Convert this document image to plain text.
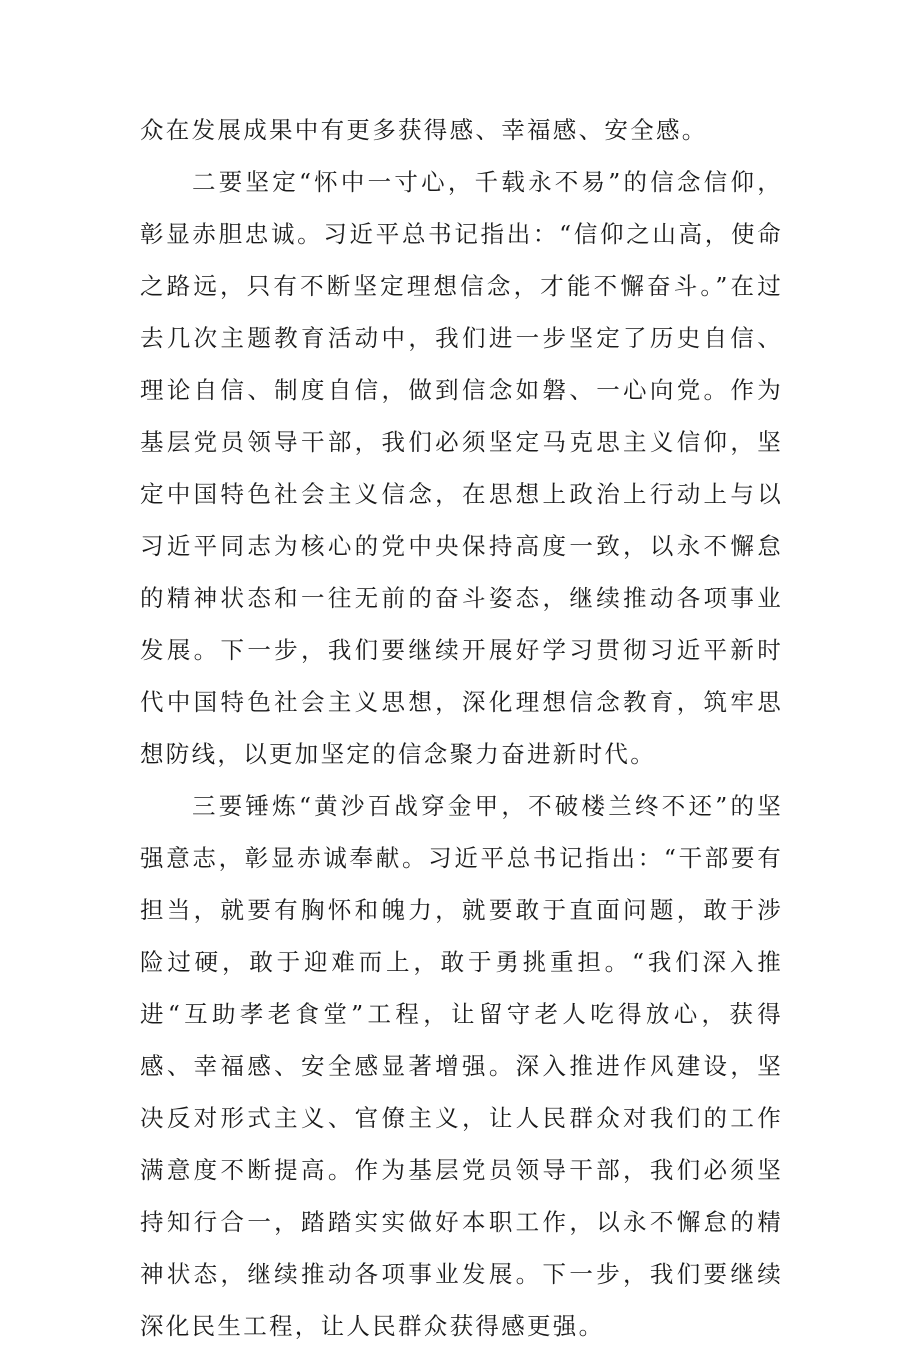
众在发展成果中有更多获得感、幸福感、安全感。

二要坚定“怀中一寸心，千载永不易”的信念信仰，彰显赤胆忠诚。习近平总书记指出：“信仰之山高，使命之路远，只有不断坚定理想信念，才能不懈奋斗。”在过去几次主题教育活动中，我们进一步坚定了历史自信、理论自信、制度自信，做到信念如磐、一心向党。作为基层党员领导干部，我们必须坚定马克思主义信仰，坚定中国特色社会主义信念，在思想上政治上行动上与以习近平同志为核心的党中央保持高度一致，以永不懈怠的精神状态和一往无前的奋斗姿态，继续推动各项事业发展。下一步，我们要继续开展好学习贯彻习近平新时代中国特色社会主义思想，深化理想信念教育，筑牢思想防线，以更加坚定的信念聚力奋进新时代。

三要锤炼“黄沙百战穿金甲，不破楼兰终不还”的坚强意志，彰显赤诚奉献。习近平总书记指出：“干部要有担当，就要有胸怀和魄力，就要敢于直面问题，敢于涉险过硬，敢于迎难而上，敢于勇挑重担。“我们深入推进“互助孝老食堂”工程，让留守老人吃得放心，获得感、幸福感、安全感显著增强。深入推进作风建设，坚决反对形式主义、官僚主义，让人民群众对我们的工作满意度不断提高。作为基层党员领导干部，我们必须坚持知行合一，踏踏实实做好本职工作，以永不懈怠的精神状态，继续推动各项事业发展。下一步，我们要继续深化民生工程，让人民群众获得感更强。
